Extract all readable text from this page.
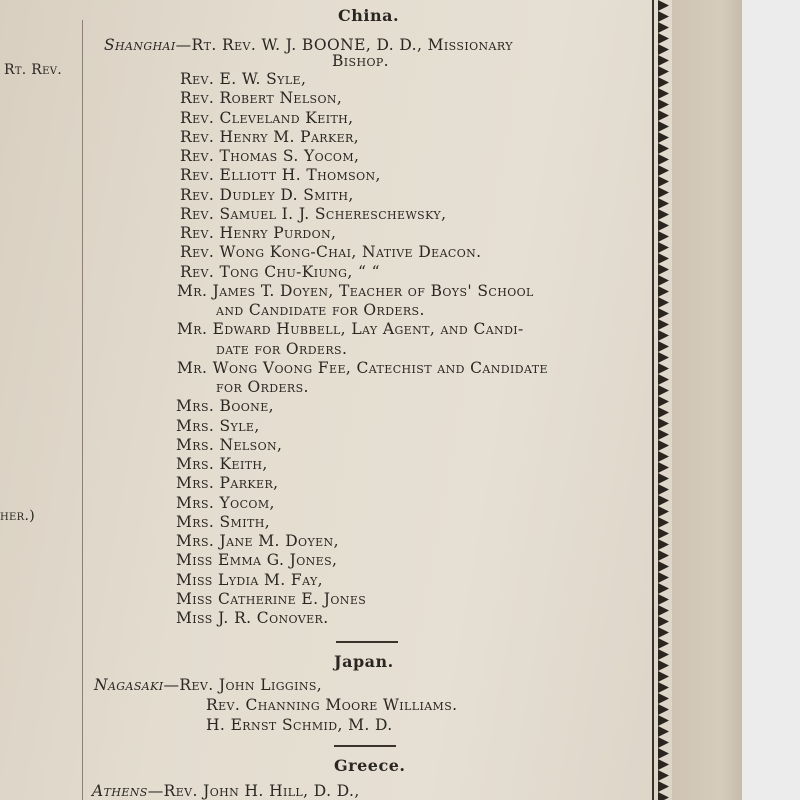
Rt. Rev.
her.)
China.
Shanghai—Rt. Rev. W. J. BOONE, D. D., Missionary
Bishop.
Rev. E. W. Syle,
Rev. Robert Nelson,
Rev. Cleveland Keith,
Rev. Henry M. Parker,
Rev. Thomas S. Yocom,
Rev. Elliott H. Thomson,
Rev. Dudley D. Smith,
Rev. Samuel I. J. Schereschewsky,
Rev. Henry Purdon,
Rev. Wong Kong-Chai, Native Deacon.
Rev. Tong Chu-Kiung, “ “
Mr. James T. Doyen, Teacher of Boys' School
and Candidate for Orders.
Mr. Edward Hubbell, Lay Agent, and Candi-
date for Orders.
Mr. Wong Voong Fee, Catechist and Candidate
for Orders.
Mrs. Boone,
Mrs. Syle,
Mrs. Nelson,
Mrs. Keith,
Mrs. Parker,
Mrs. Yocom,
Mrs. Smith,
Mrs. Jane M. Doyen,
Miss Emma G. Jones,
Miss Lydia M. Fay,
Miss Catherine E. Jones
Miss J. R. Conover.
Japan.
Nagasaki—Rev. John Liggins,
Rev. Channing Moore Williams.
H. Ernst Schmid, M. D.
Greece.
Athens—Rev. John H. Hill, D. D.,
